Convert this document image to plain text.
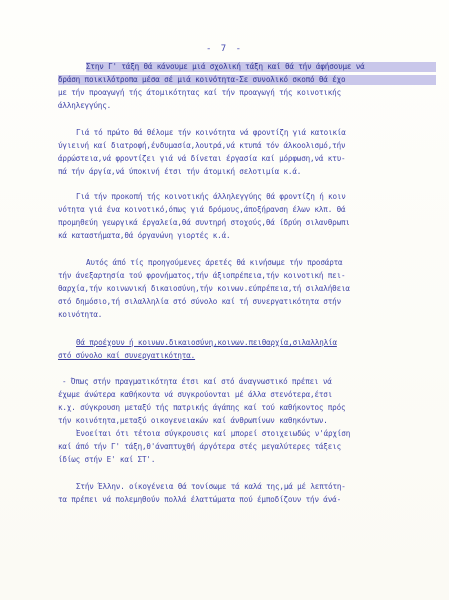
- 7 -
Στην Γ' τάξη θά κάνουμε μιά σχολική τάξη καί θά τήν άφήσουμε νά
δράση ποικιλότροπα μέσα σέ μιά κοινότητα-Σε συνολικό σκοπό θά έχο
με τήν προαγωγή τής άτομικότητας καί τήν προαγωγή τής κοινοτικής
άλληλεγγύης.
Γιά τό πρώτο θά θέλομε τήν κοινότητα νά φροντίζη γιά κατοικία
ύγιεινή καί διατροφή,ένδυμασία,λουτρά,νά κτυπά τόν άλκοολισμό,τήν
άρρώστεια,νά φροντίζει γιά νά δίνεται έργασία καί μόρφωση,νά κτυ-
πά τήν άργία,νά ύποκινή έτσι τήν άτομική σελοτιμία κ.ά.
Γιά τήν προκοπή τής κοινοτικής άλληλεγγύης θά φροντίζη ή κοιν
νότητα γιά ένα κοινοτικό,όπως γιά δρόμους,άποξήρανση έλων κλπ. θά
προμηθεύη γεωργικά έργαλεία,θά συντηρή στοχούς,θά ίδρύη σιλανθρωπι
κά καταστήματα,θά όργανώνη γιορτές κ.ά.
Αυτός άπό τίς προηγούμενες άρετές θά κινήσωμε τήν προσάρτα
τήν άνεξαρτησία τού φρονήματος,τήν άξιοπρέπεια,τήν κοινοτική πει-
θαρχία,τήν κοινωνική δικαιοσύνη,τήν κοινων.εύπρέπεια,τή σιλαλήθεια
στό δημόσιο,τή σιλαλληλία στό σύνολο καί τή συνεργατικότητα στήν
κοινότητα.
Θά προέχουν ή κοινων.δικαιοσύνη,κοινων.πειθαρχία,σιλαλληλία
στό σύνολο καί συνεργατικότητα.
- Όπως στήν πραγματικότητα έτσι καί στό άναγνωστικό πρέπει νά
έχωμε άνώτερα καθήκοντα νά συγκρούονται μέ άλλα στενότερα,έτσι
κ.χ. σύγκρουση μεταξύ τής πατρικής άγάπης καί τού καθήκοντος πρός
τήν κοινότητα,μεταξύ οικογενειακών καί άνθρωπίνων καθηκόντων.
Ένοείται ότι τέτοια σύγκρουσις καί μπορεί στοιχειωδώς ν'άρχίση
καί άπό τήν Γ' τάξη,θ'άναπτυχθή άργότερα στές μεγαλύτερες τάξεις
ίδίως στήν Ε' καί ΣΤ'.
Στήν Έλλην. οίκογένεια θά τονίσωμε τά καλά της,μά μέ λεπτότη-
τα πρέπει νά πολεμηθούν πολλά έλαττώματα πού έμποδίζουν τήν άνά-
